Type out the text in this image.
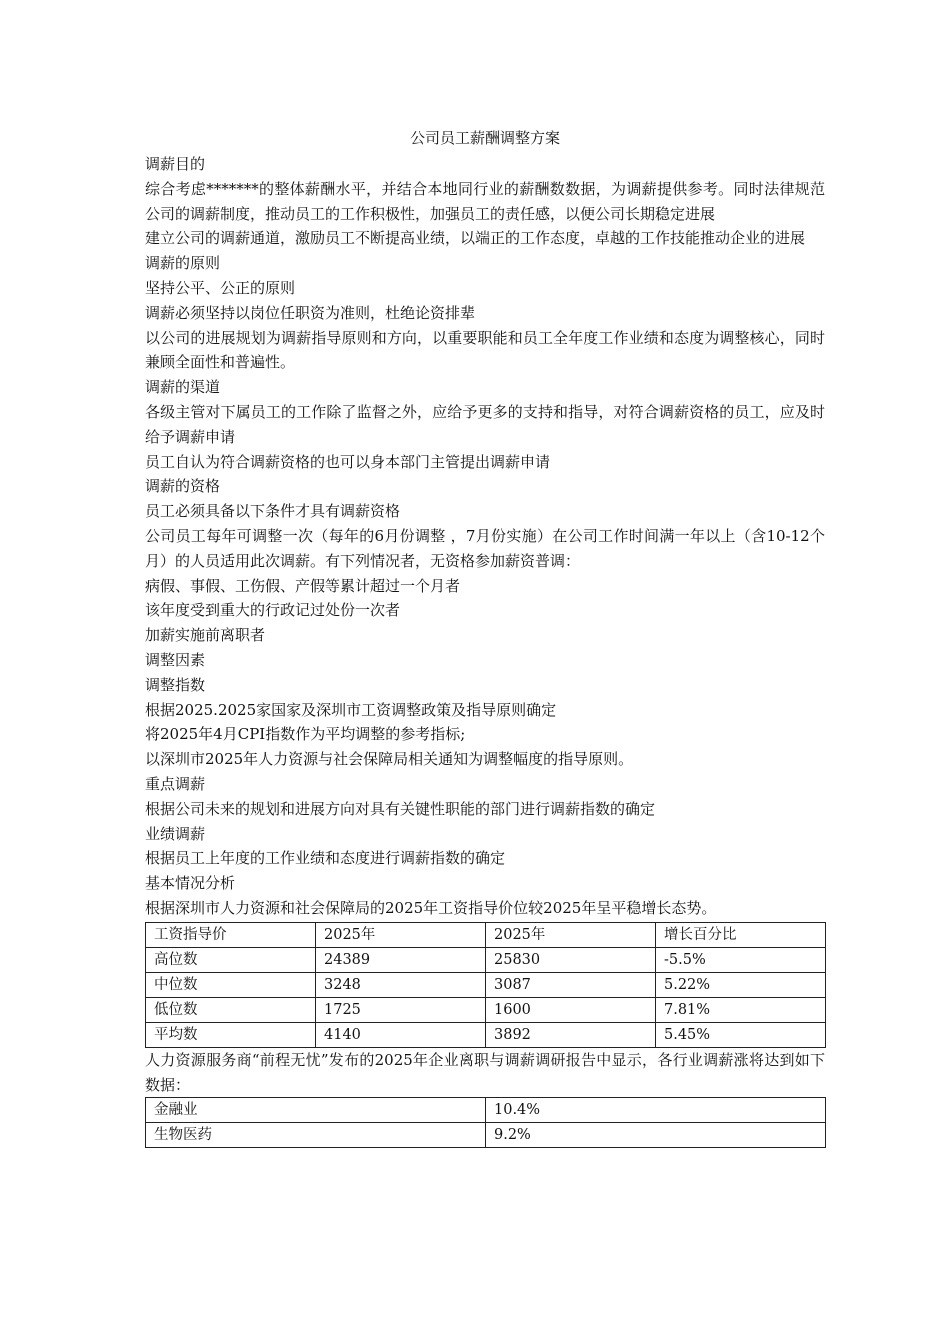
公司员工薪酬调整方案

调薪目的

综合考虑*******的整体薪酬水平，并结合本地同行业的薪酬数数据，为调薪提供参考。同时法律规范公司的调薪制度，推动员工的工作积极性，加强员工的责任感，以便公司长期稳定进展

建立公司的调薪通道，激励员工不断提高业绩，以端正的工作态度，卓越的工作技能推动企业的进展

调薪的原则

坚持公平、公正的原则

调薪必须坚持以岗位任职资为准则，杜绝论资排辈

以公司的进展规划为调薪指导原则和方向，以重要职能和员工全年度工作业绩和态度为调整核心，同时兼顾全面性和普遍性。

调薪的渠道

各级主管对下属员工的工作除了监督之外，应给予更多的支持和指导，对符合调薪资格的员工，应及时给予调薪申请

员工自认为符合调薪资格的也可以身本部门主管提出调薪申请

调薪的资格

员工必须具备以下条件才具有调薪资格

公司员工每年可调整一次（每年的6月份调整 ，7月份实施）在公司工作时间满一年以上（含10-12个月）的人员适用此次调薪。有下列情况者，无资格参加薪资普调：

病假、事假、工伤假、产假等累计超过一个月者

该年度受到重大的行政记过处份一次者

加薪实施前离职者

调整因素

调整指数

根据2025.2025家国家及深圳市工资调整政策及指导原则确定

将2025年4月CPI指数作为平均调整的参考指标;

以深圳市2025年人力资源与社会保障局相关通知为调整幅度的指导原则。

重点调薪

根据公司未来的规划和进展方向对具有关键性职能的部门进行调薪指数的确定

业绩调薪

根据员工上年度的工作业绩和态度进行调薪指数的确定

基本情况分析

根据深圳市人力资源和社会保障局的2025年工资指导价位较2025年呈平稳增长态势。

工资指导价	2025年	2025年	增长百分比
高位数	24389	25830	-5.5%
中位数	3248	3087	5.22%
低位数	1725	1600	7.81%
平均数	4140	3892	5.45%

人力资源服务商“前程无忧”发布的2025年企业离职与调薪调研报告中显示，各行业调薪涨将达到如下数据：

金融业	10.4%
生物医药	9.2%
